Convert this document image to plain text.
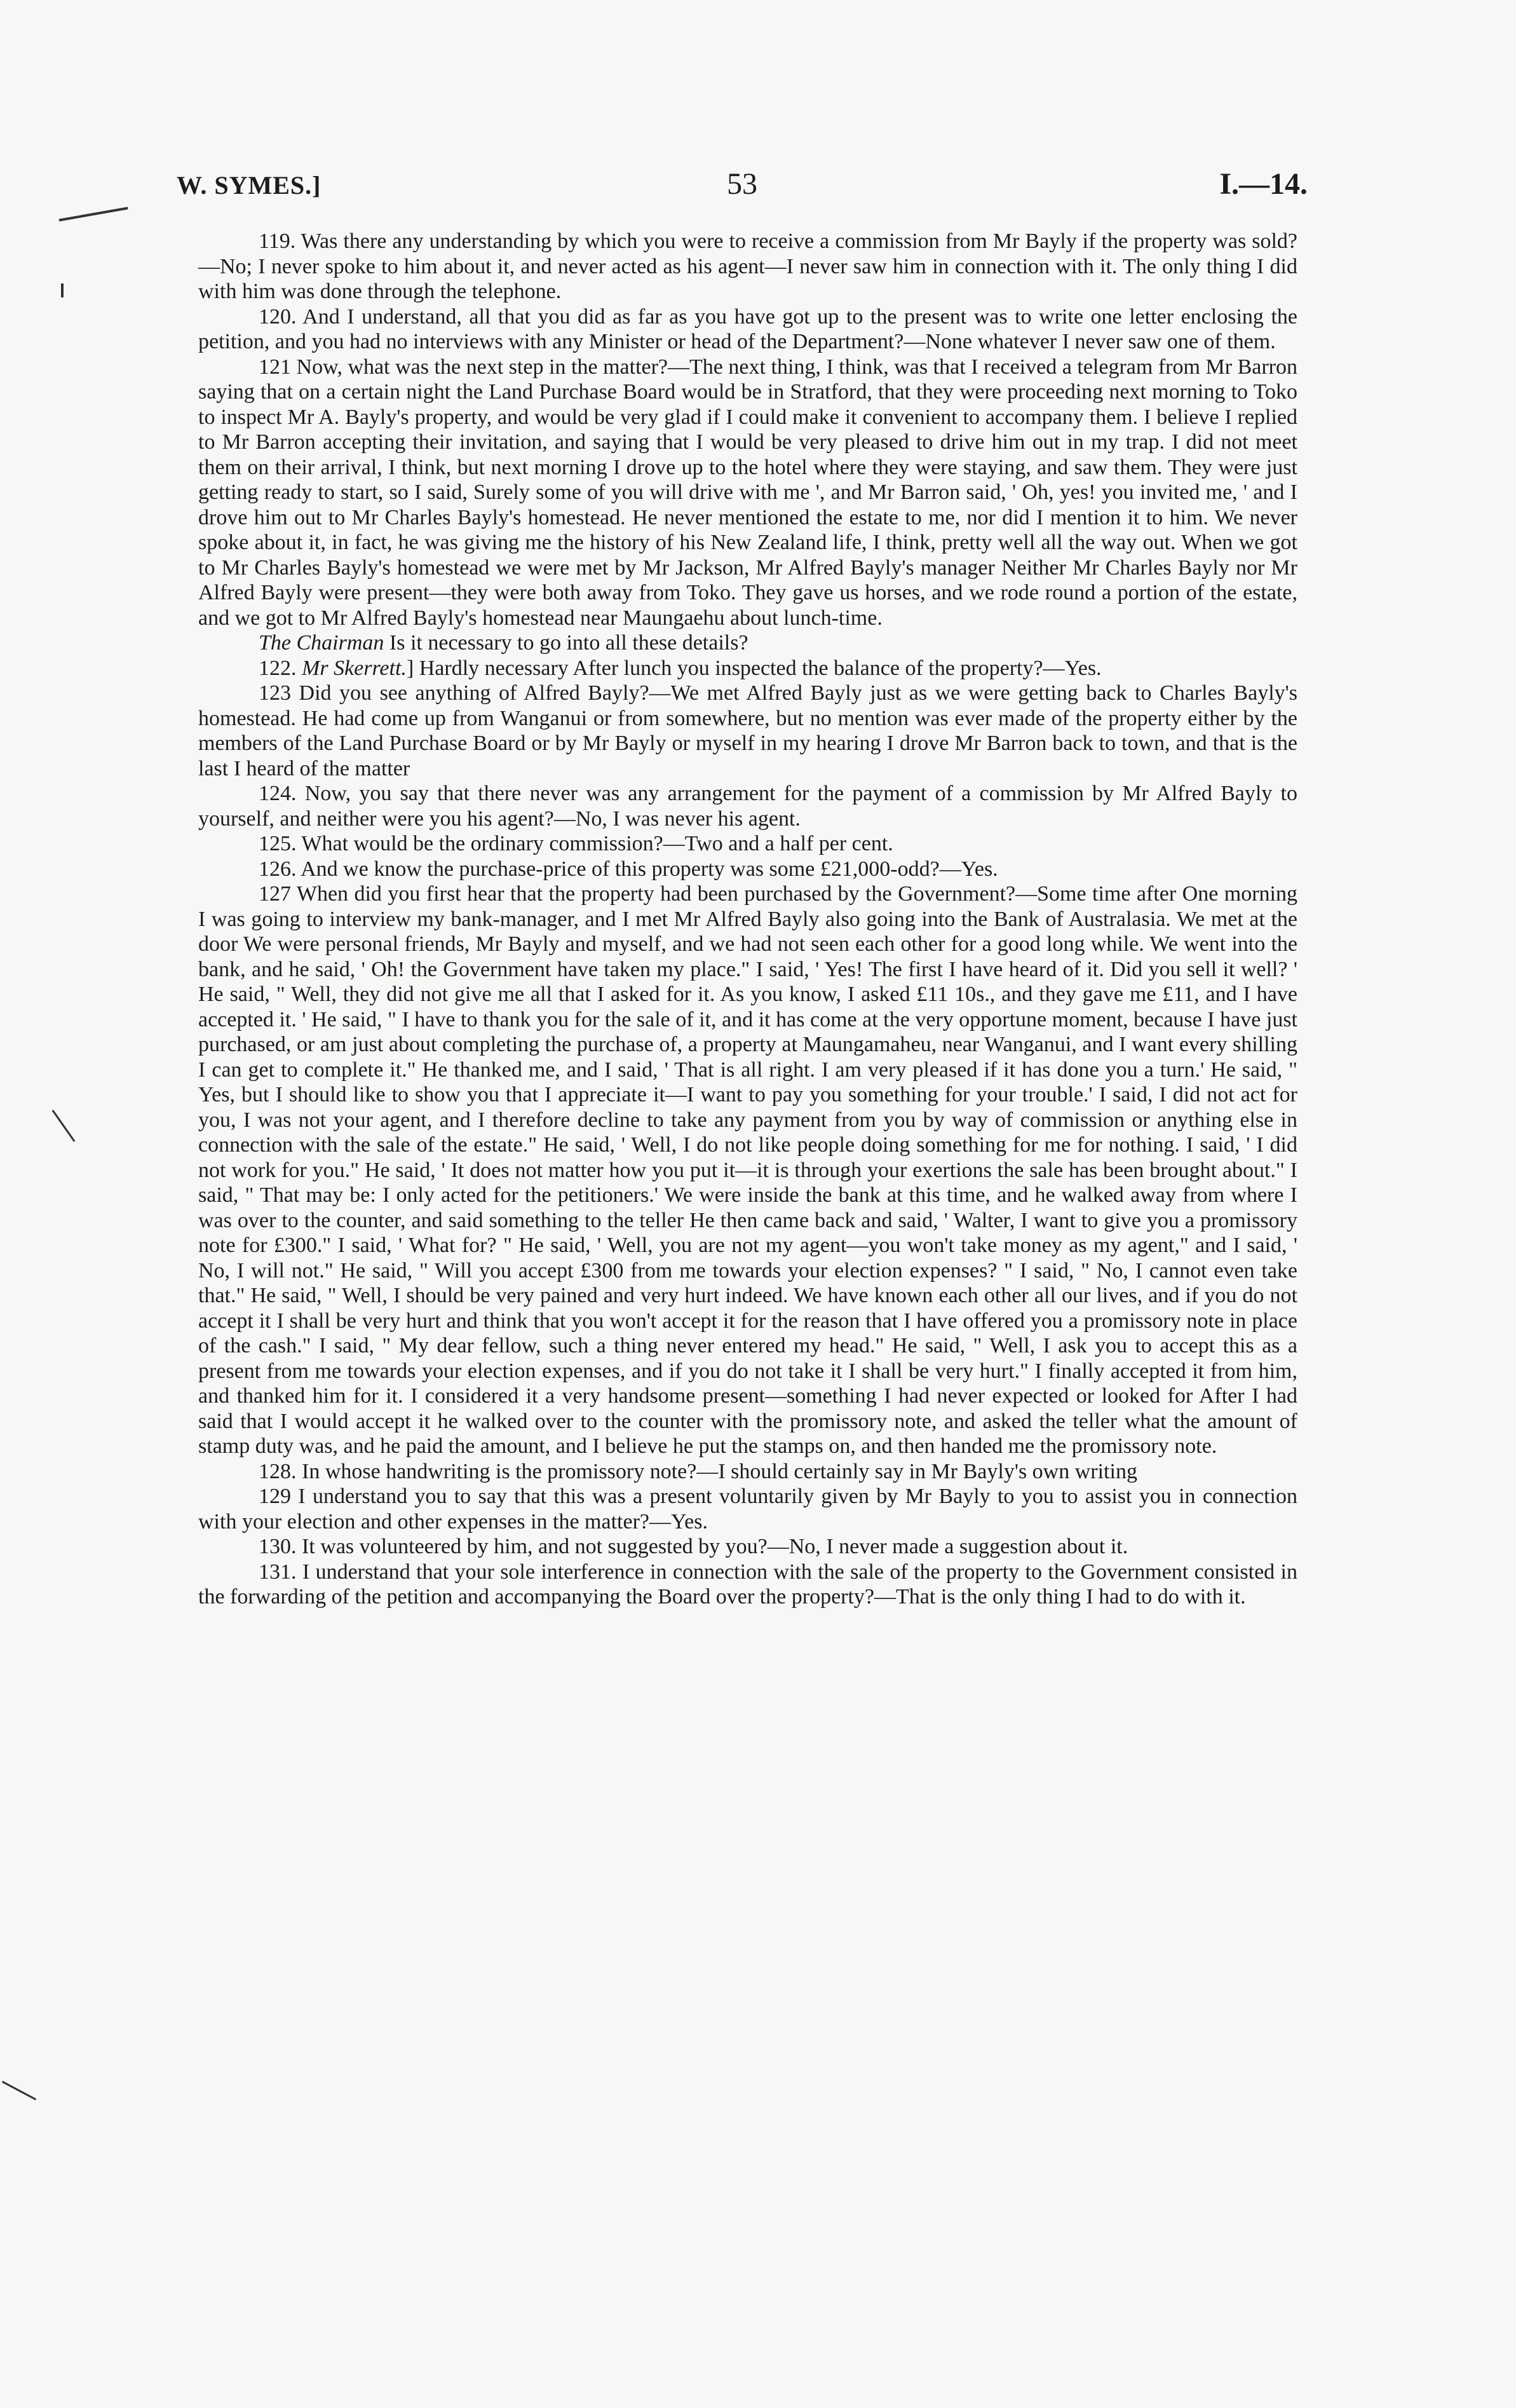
W. SYMES.]	53	I.—14.

119. Was there any understanding by which you were to receive a commission from Mr Bayly if the property was sold?—No; I never spoke to him about it, and never acted as his agent—I never saw him in connection with it. The only thing I did with him was done through the telephone.

120. And I understand, all that you did as far as you have got up to the present was to write one letter enclosing the petition, and you had no interviews with any Minister or head of the Department?—None whatever I never saw one of them.

121 Now, what was the next step in the matter?—The next thing, I think, was that I received a telegram from Mr Barron saying that on a certain night the Land Purchase Board would be in Stratford, that they were proceeding next morning to Toko to inspect Mr A. Bayly's property, and would be very glad if I could make it convenient to accompany them. I believe I replied to Mr Barron accepting their invitation, and saying that I would be very pleased to drive him out in my trap. I did not meet them on their arrival, I think, but next morning I drove up to the hotel where they were staying, and saw them. They were just getting ready to start, so I said, Surely some of you will drive with me ', and Mr Barron said, ' Oh, yes! you invited me, ' and I drove him out to Mr Charles Bayly's homestead. He never mentioned the estate to me, nor did I mention it to him. We never spoke about it, in fact, he was giving me the history of his New Zealand life, I think, pretty well all the way out. When we got to Mr Charles Bayly's homestead we were met by Mr Jackson, Mr Alfred Bayly's manager Neither Mr Charles Bayly nor Mr Alfred Bayly were present—they were both away from Toko. They gave us horses, and we rode round a portion of the estate, and we got to Mr Alfred Bayly's homestead near Maungaehu about lunch-time.

The Chairman Is it necessary to go into all these details?

122. Mr Skerrett.] Hardly necessary After lunch you inspected the balance of the property?—Yes.

123 Did you see anything of Alfred Bayly?—We met Alfred Bayly just as we were getting back to Charles Bayly's homestead. He had come up from Wanganui or from somewhere, but no mention was ever made of the property either by the members of the Land Purchase Board or by Mr Bayly or myself in my hearing I drove Mr Barron back to town, and that is the last I heard of the matter

124. Now, you say that there never was any arrangement for the payment of a commission by Mr Alfred Bayly to yourself, and neither were you his agent?—No, I was never his agent.

125. What would be the ordinary commission?—Two and a half per cent.

126. And we know the purchase-price of this property was some £21,000-odd?—Yes.

127 When did you first hear that the property had been purchased by the Government?—Some time after One morning I was going to interview my bank-manager, and I met Mr Alfred Bayly also going into the Bank of Australasia. We met at the door We were personal friends, Mr Bayly and myself, and we had not seen each other for a good long while. We went into the bank, and he said, ' Oh! the Government have taken my place." I said, ' Yes! The first I have heard of it. Did you sell it well? ' He said, " Well, they did not give me all that I asked for it. As you know, I asked £11 10s., and they gave me £11, and I have accepted it. ' He said, " I have to thank you for the sale of it, and it has come at the very opportune moment, because I have just purchased, or am just about completing the purchase of, a property at Maungamaheu, near Wanganui, and I want every shilling I can get to complete it." He thanked me, and I said, ' That is all right. I am very pleased if it has done you a turn.' He said, " Yes, but I should like to show you that I appreciate it—I want to pay you something for your trouble.' I said, I did not act for you, I was not your agent, and I therefore decline to take any payment from you by way of commission or anything else in connection with the sale of the estate." He said, ' Well, I do not like people doing something for me for nothing. I said, ' I did not work for you." He said, ' It does not matter how you put it—it is through your exertions the sale has been brought about." I said, " That may be: I only acted for the petitioners.' We were inside the bank at this time, and he walked away from where I was over to the counter, and said something to the teller He then came back and said, ' Walter, I want to give you a promissory note for £300." I said, ' What for? " He said, ' Well, you are not my agent—you won't take money as my agent," and I said, ' No, I will not." He said, " Will you accept £300 from me towards your election expenses? " I said, " No, I cannot even take that." He said, " Well, I should be very pained and very hurt indeed. We have known each other all our lives, and if you do not accept it I shall be very hurt and think that you won't accept it for the reason that I have offered you a promissory note in place of the cash." I said, " My dear fellow, such a thing never entered my head." He said, " Well, I ask you to accept this as a present from me towards your election expenses, and if you do not take it I shall be very hurt." I finally accepted it from him, and thanked him for it. I considered it a very handsome present—something I had never expected or looked for After I had said that I would accept it he walked over to the counter with the promissory note, and asked the teller what the amount of stamp duty was, and he paid the amount, and I believe he put the stamps on, and then handed me the promissory note.

128. In whose handwriting is the promissory note?—I should certainly say in Mr Bayly's own writing

129 I understand you to say that this was a present voluntarily given by Mr Bayly to you to assist you in connection with your election and other expenses in the matter?—Yes.

130. It was volunteered by him, and not suggested by you?—No, I never made a suggestion about it.

131. I understand that your sole interference in connection with the sale of the property to the Government consisted in the forwarding of the petition and accompanying the Board over the property?—That is the only thing I had to do with it.
